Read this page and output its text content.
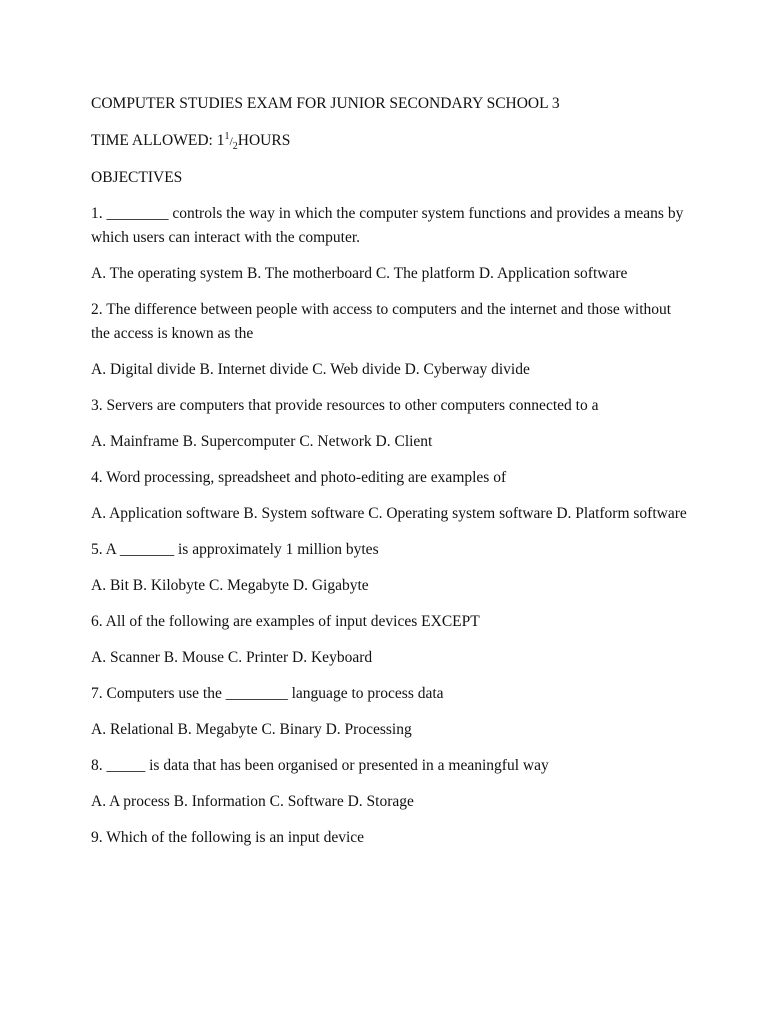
COMPUTER STUDIES EXAM FOR JUNIOR SECONDARY SCHOOL 3

TIME ALLOWED: $1^1/_2HOURS$

OBJECTIVES

1. ________ controls the way in which the computer system functions and provides a means by which users can interact with the computer.

A. The operating system B. The motherboard C. The platform D. Application software

2. The difference between people with access to computers and the internet and those without the access is known as the

A. Digital divide B. Internet divide C. Web divide D. Cyberway divide

3. Servers are computers that provide resources to other computers connected to a

A. Mainframe B. Supercomputer C. Network D. Client

4. Word processing, spreadsheet and photo-editing are examples of

A. Application software B. System software C. Operating system software D. Platform software

5. A _______ is approximately 1 million bytes

A. Bit B. Kilobyte C. Megabyte D. Gigabyte

6. All of the following are examples of input devices EXCEPT

A. Scanner B. Mouse C. Printer D. Keyboard

7. Computers use the ________ language to process data

A. Relational B. Megabyte C. Binary D. Processing

8. _____ is data that has been organised or presented in a meaningful way

A. A process B. Information C. Software D. Storage

9. Which of the following is an input device
